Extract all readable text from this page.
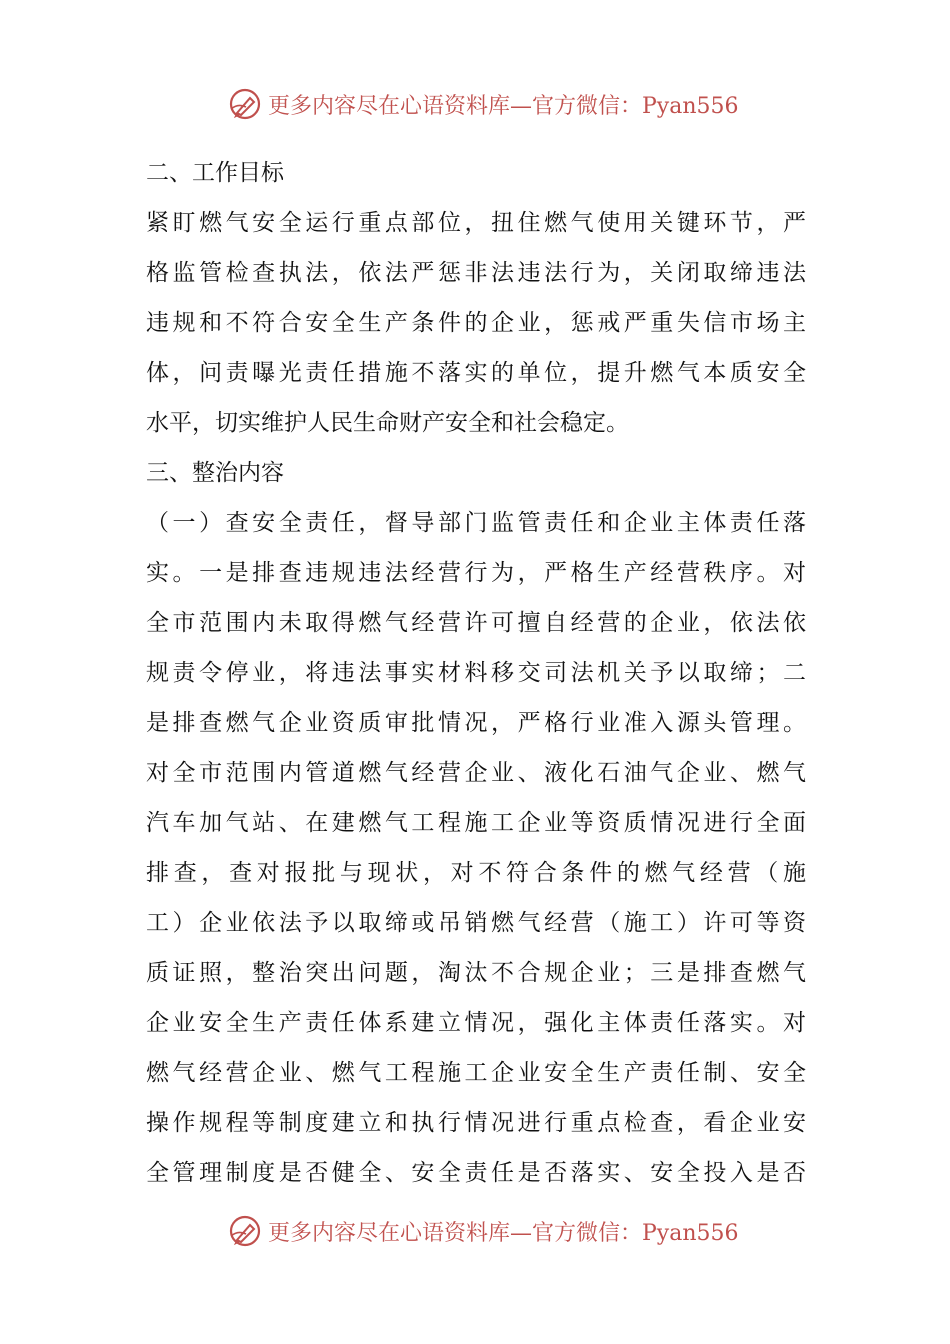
更多内容尽在心语资料库—官方微信：Pyan556
二、工作目标
紧盯燃气安全运行重点部位，扭住燃气使用关键环节，严
格监管检查执法，依法严惩非法违法行为，关闭取缔违法
违规和不符合安全生产条件的企业，惩戒严重失信市场主
体，问责曝光责任措施不落实的单位，提升燃气本质安全
水平，切实维护人民生命财产安全和社会稳定。
三、整治内容
（一）查安全责任，督导部门监管责任和企业主体责任落
实。一是排查违规违法经营行为，严格生产经营秩序。对
全市范围内未取得燃气经营许可擅自经营的企业，依法依
规责令停业，将违法事实材料移交司法机关予以取缔；二
是排查燃气企业资质审批情况，严格行业准入源头管理。
对全市范围内管道燃气经营企业、液化石油气企业、燃气
汽车加气站、在建燃气工程施工企业等资质情况进行全面
排查，查对报批与现状，对不符合条件的燃气经营（施
工）企业依法予以取缔或吊销燃气经营（施工）许可等资
质证照，整治突出问题，淘汰不合规企业；三是排查燃气
企业安全生产责任体系建立情况，强化主体责任落实。对
燃气经营企业、燃气工程施工企业安全生产责任制、安全
操作规程等制度建立和执行情况进行重点检查，看企业安
全管理制度是否健全、安全责任是否落实、安全投入是否
更多内容尽在心语资料库—官方微信：Pyan556
